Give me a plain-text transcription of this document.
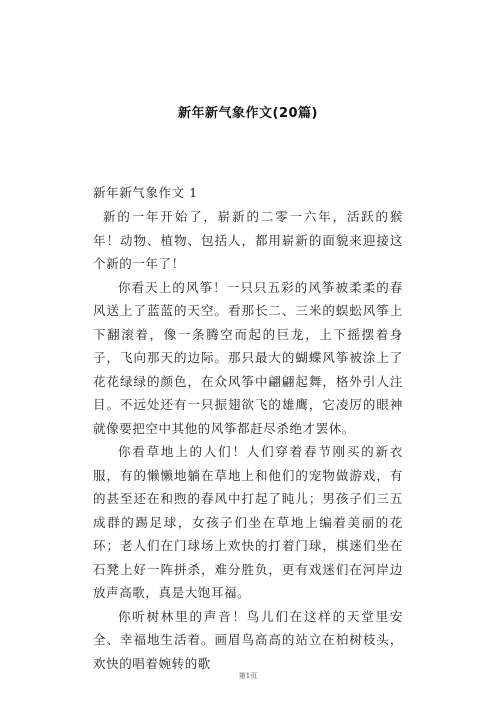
新年新气象作文(20篇)
新年新气象作文 1

新的一年开始了，崭新的二零一六年，活跃的猴年！动物、植物、包括人，都用崭新的面貌来迎接这个新的一年了！

你看天上的风筝！一只只五彩的风筝被柔柔的春风送上了蓝蓝的天空。看那长二、三米的蜈蚣风筝上下翻滚着，像一条腾空而起的巨龙，上下摇摆着身子，飞向那天的边际。那只最大的蝴蝶风筝被涂上了花花绿绿的颜色，在众风筝中翩翩起舞，格外引人注目。不远处还有一只振翅欲飞的雄鹰，它凌厉的眼神就像要把空中其他的风筝都赶尽杀绝才罢休。

你看草地上的人们！人们穿着春节刚买的新衣服，有的懒懒地躺在草地上和他们的宠物做游戏，有的甚至还在和煦的春风中打起了盹儿；男孩子们三五成群的踢足球，女孩子们坐在草地上编着美丽的花环；老人们在门球场上欢快的打着门球，棋迷们坐在石凳上好一阵拼杀，难分胜负，更有戏迷们在河岸边放声高歌，真是大饱耳福。

你听树林里的声音！鸟儿们在这样的天堂里安全、幸福地生活着。画眉鸟高高的站立在柏树枝头，欢快的唱着婉转的歌

第1页
